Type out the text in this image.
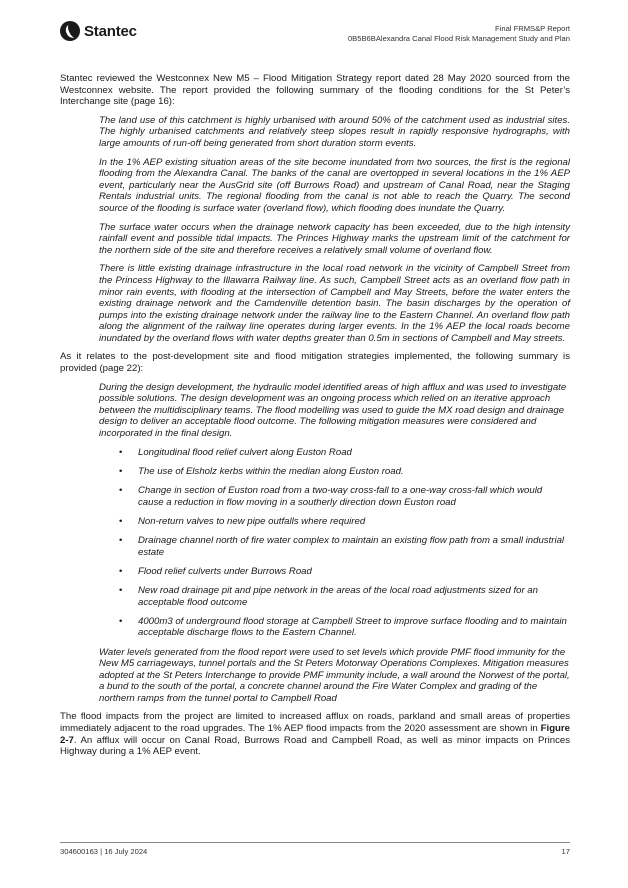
Stantec	Final FRMS&P Report
0B5B6BAlexandra Canal Flood Risk Management Study and Plan

Stantec reviewed the Westconnex New M5 – Flood Mitigation Strategy report dated 28 May 2020 sourced from the Westconnex website. The report provided the following summary of the flooding conditions for the St Peter’s Interchange site (page 16):

The land use of this catchment is highly urbanised with around 50% of the catchment used as industrial sites. The highly urbanised catchments and relatively steep slopes result in rapidly responsive hydrographs, with large amounts of run-off being generated from short duration storm events.

In the 1% AEP existing situation areas of the site become inundated from two sources, the first is the regional flooding from the Alexandra Canal. The banks of the canal are overtopped in several locations in the 1% AEP event, particularly near the AusGrid site (off Burrows Road) and upstream of Canal Road, near the Staging Rentals industrial units. The regional flooding from the canal is not able to reach the Quarry. The second source of the flooding is surface water (overland flow), which flooding does inundate the Quarry.

The surface water occurs when the drainage network capacity has been exceeded, due to the high intensity rainfall event and possible tidal impacts. The Princes Highway marks the upstream limit of the catchment for the northern side of the site and therefore receives a relatively small volume of overland flow.

There is little existing drainage infrastructure in the local road network in the vicinity of Campbell Street from the Princess Highway to the Illawarra Railway line. As such, Campbell Street acts as an overland flow path in minor rain events, with flooding at the intersection of Campbell and May Streets, before the water enters the existing drainage network and the Camdenville detention basin. The basin discharges by the operation of pumps into the existing drainage network under the railway line to the Eastern Channel. An overland flow path along the alignment of the railway line operates during larger events. In the 1% AEP the local roads become inundated by the overland flows with water depths greater than 0.5m in sections of Campbell and May streets.

As it relates to the post-development site and flood mitigation strategies implemented, the following summary is provided (page 22):

During the design development, the hydraulic model identified areas of high afflux and was used to investigate possible solutions. The design development was an ongoing process which relied on an iterative approach between the multidisciplinary teams. The flood modelling was used to guide the MX road design and drainage design to deliver an acceptable flood outcome. The following mitigation measures were considered and incorporated in the final design.

• Longitudinal flood relief culvert along Euston Road
• The use of Elsholz kerbs within the median along Euston road.
• Change in section of Euston road from a two-way cross-fall to a one-way cross-fall which would cause a reduction in flow moving in a southerly direction down Euston road
• Non-return valves to new pipe outfalls where required
• Drainage channel north of fire water complex to maintain an existing flow path from a small industrial estate
• Flood relief culverts under Burrows Road
• New road drainage pit and pipe network in the areas of the local road adjustments sized for an acceptable flood outcome
• 4000m3 of underground flood storage at Campbell Street to improve surface flooding and to maintain acceptable discharge flows to the Eastern Channel.

Water levels generated from the flood report were used to set levels which provide PMF flood immunity for the New M5 carriageways, tunnel portals and the St Peters Motorway Operations Complexes. Mitigation measures adopted at the St Peters Interchange to provide PMF immunity include, a wall around the Norwest of the portal, a bund to the south of the portal, a concrete channel around the Fire Water Complex and grading of the northern ramps from the tunnel portal to Campbell Road

The flood impacts from the project are limited to increased afflux on roads, parkland and small areas of properties immediately adjacent to the road upgrades. The 1% AEP flood impacts from the 2020 assessment are shown in Figure 2-7. An afflux will occur on Canal Road, Burrows Road and Campbell Road, as well as minor impacts on Princes Highway during a 1% AEP event.

304600163 | 16 July 2024	17
